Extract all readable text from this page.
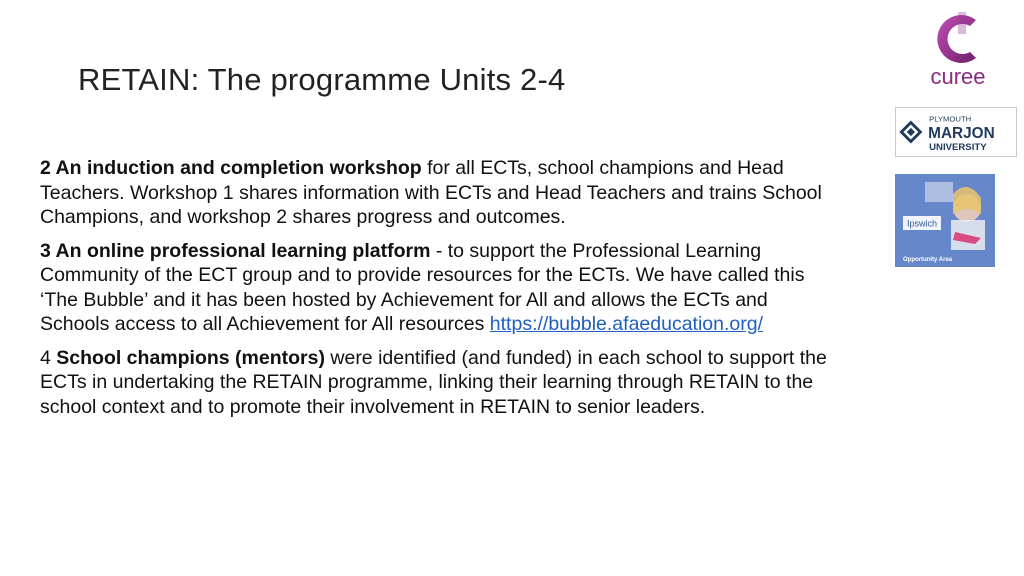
RETAIN: The programme Units 2-4

2 An induction and completion workshop for all ECTs, school champions and Head Teachers. Workshop 1 shares information with ECTs and Head Teachers and trains School Champions, and workshop 2 shares progress and outcomes.

3 An online professional learning platform - to support the Professional Learning Community of the ECT group and to provide resources for the ECTs. We have called this ‘The Bubble’ and it has been hosted by Achievement for All and allows the ECTs and Schools access to all Achievement for All resources https://bubble.afaeducation.org/

4 School champions (mentors) were identified (and funded) in each school to support the ECTs in undertaking the RETAIN programme, linking their learning through RETAIN to the school context and to promote their involvement in RETAIN to senior leaders.

curee
PLYMOUTH
MARJON
UNIVERSITY
Ipswich
Opportunity Area
